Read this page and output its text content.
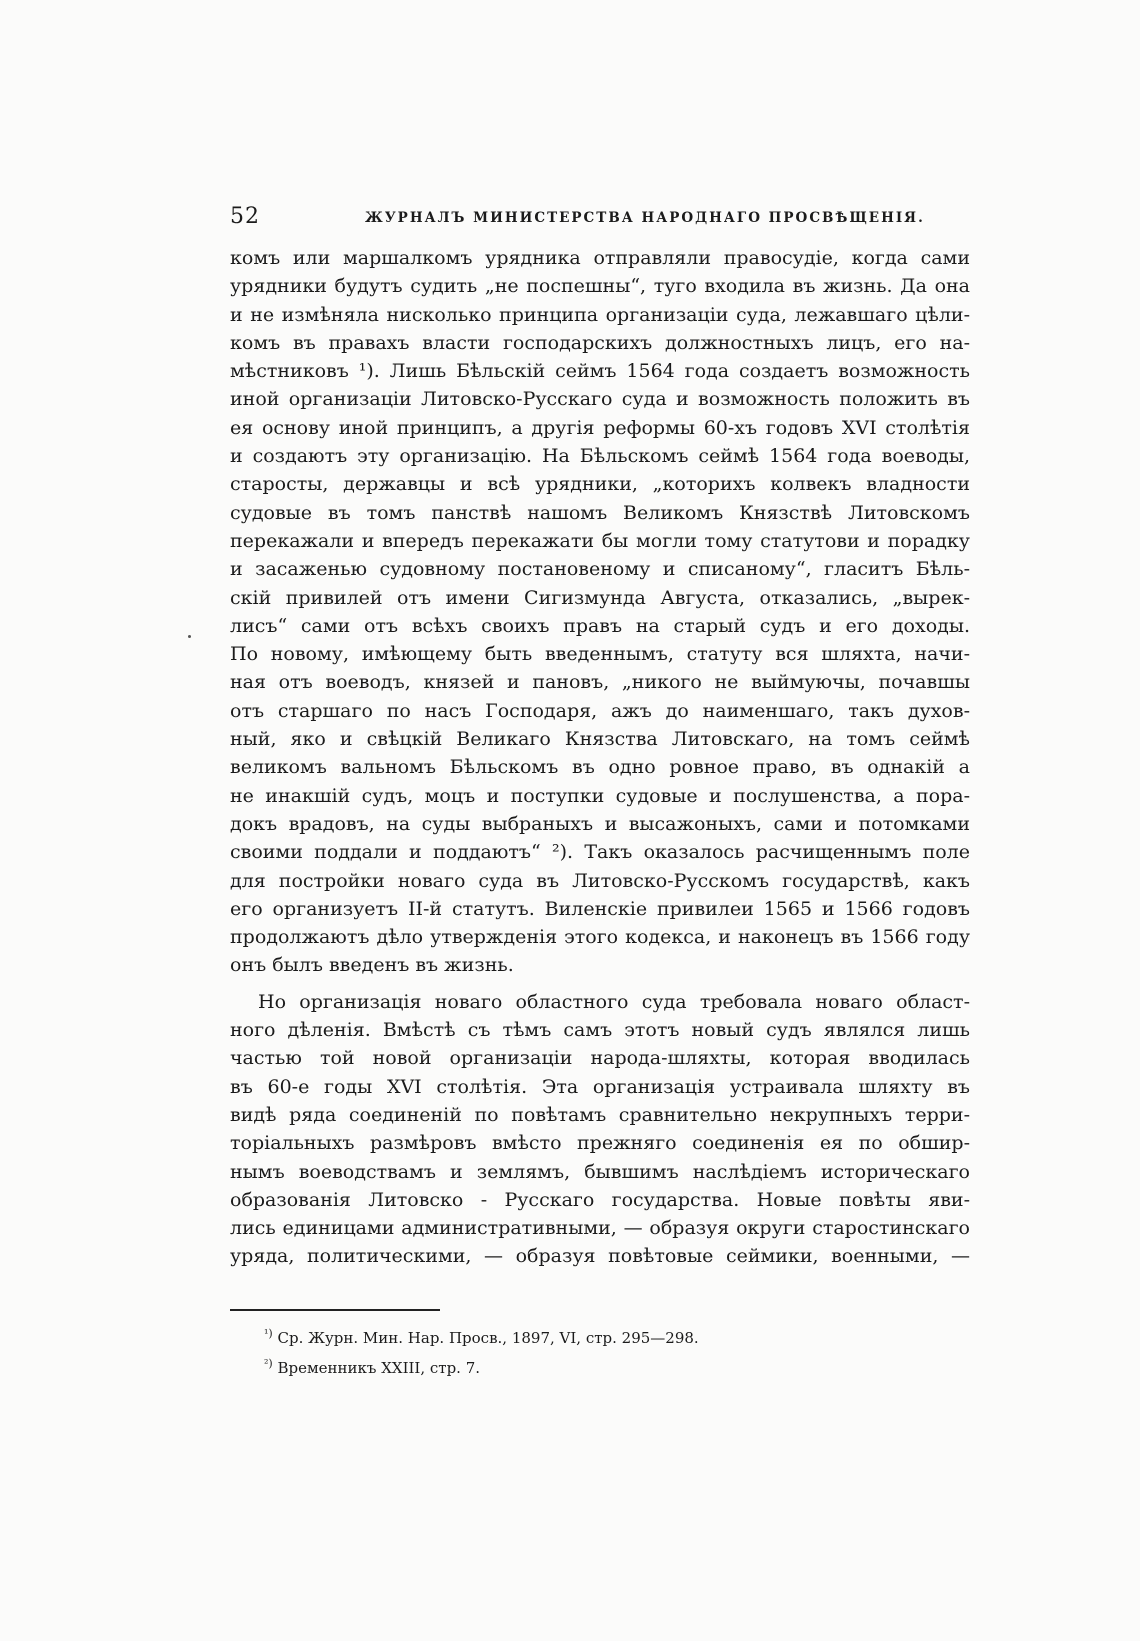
52	ЖУРНАЛЪ МИНИСТЕРСТВА НАРОДНАГО ПРОСВѢЩЕНІЯ.
комъ или маршалкомъ урядника отправляли правосудіе, когда сами
урядники будутъ судить „не поспешны“, туго входила въ жизнь. Да она
и не измѣняла нисколько принципа организаціи суда, лежавшаго цѣли-
комъ въ правахъ власти господарскихъ должностныхъ лицъ, его на-
мѣстниковъ ¹). Лишь Бѣльскій сеймъ 1564 года создаетъ возможность
иной организаціи Литовско-Русскаго суда и возможность положить въ
ея основу иной принципъ, а другія реформы 60-хъ годовъ XVI столѣтія
и создаютъ эту организацію. На Бѣльскомъ сеймѣ 1564 года воеводы,
старосты, державцы и всѣ урядники, „которихъ колвекъ владности
судовые въ томъ панствѣ нашомъ Великомъ Князствѣ Литовскомъ
перекажали и впередъ перекажати бы могли тому статутови и порадку
и засаженью судовному постановеному и списаному“, гласитъ Бѣль-
скій привилей отъ имени Сигизмунда Августа, отказались, „вырек-
лисъ“ сами отъ всѣхъ своихъ правъ на старый судъ и его доходы.
По новому, имѣющему быть введеннымъ, статуту вся шляхта, начи-
ная отъ воеводъ, князей и пановъ, „никого не выймуючы, почавшы
отъ старшаго по насъ Господаря, ажъ до наименшаго, такъ духов-
ный, яко и свѣцкій Великаго Князства Литовскаго, на томъ сеймѣ
великомъ вальномъ Бѣльскомъ въ одно ровное право, въ однакій а
не инакшій судъ, моцъ и поступки судовые и послушенства, а пора-
докъ врадовъ, на суды выбраныхъ и высажоныхъ, сами и потомками
своими поддали и поддаютъ“ ²). Такъ оказалось расчищеннымъ поле
для постройки новаго суда въ Литовско-Русскомъ государствѣ, какъ
его организуетъ II-й статутъ. Виленскіе привилеи 1565 и 1566 годовъ
продолжаютъ дѣло утвержденія этого кодекса, и наконецъ въ 1566 году
онъ былъ введенъ въ жизнь.
Но организація новаго областного суда требовала новаго област-
ного дѣленія. Вмѣстѣ съ тѣмъ самъ этотъ новый судъ являлся лишь
частью той новой организаціи народа-шляхты, которая вводилась
въ 60-е годы XVI столѣтія. Эта организація устраивала шляхту въ
видѣ ряда соединеній по повѣтамъ сравнительно некрупныхъ терри-
торіальныхъ размѣровъ вмѣсто прежняго соединенія ея по обшир-
нымъ воеводствамъ и землямъ, бывшимъ наслѣдіемъ историческаго
образованія Литовско - Русскаго государства. Новые повѣты яви-
лись единицами административными, — образуя округи старостинскаго
уряда, политическими, — образуя повѣтовые сеймики, военными, —
$^{^1)}$ Ср. Журн. Мин. Нар. Просв., 1897, VI, стр. 295—298.
$^{^2)}$ Временникъ XXIII, стр. 7.
